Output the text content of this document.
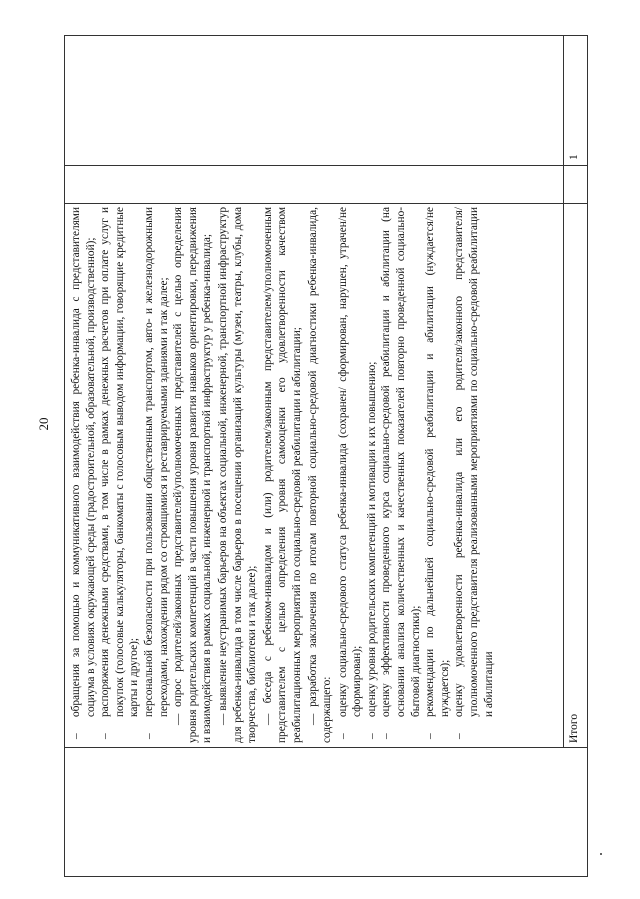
20
–
обращения за помощью и коммуникативного взаимодействия ребенка-инвалида с представителями социума в условиях окружающей среды (градостроительной, образовательной, производственной);
–
распоряжения денежными средствами, в том числе в рамках денежных расчетов при оплате услуг и покупок (голосовые калькуляторы, банкоматы с голосовым выводом информации, говорящие кредитные карты и другое);
–
персональной безопасности при пользовании общественным транспортом, авто- и железнодорожными переходами, нахождении рядом со строящимися и реставрируемыми зданиями и так далее; — опрос родителей/законных представителей/уполномоченных представителей с целью определения уровня родительских компетенций в части повышения уровня развития навыков ориентировки, передвижения и взаимодействия в рамках социальной, инженерной и транспортной инфраструктур у ребенка-инвалида; — выявление неустранимых барьеров на объектах социальной, инженерной, транспортной инфраструктур для ребенка-инвалида в том числе барьеров в посещении организаций культуры (музеи, театры, клубы, дома творчества, библиотеки и так далее); — беседа с ребенком-инвалидом и (или) родителем/законным представителем/уполномоченным представителем с целью определения уровня самооценки его удовлетворенности качеством реабилитационных мероприятий по социально-средовой реабилитации и абилитации; — разработка заключения по итогам повторной социально-средовой диагностики ребенка-инвалида, содержащего: –
оценку социально-средового статуса ребенка-инвалида (сохранен/ сформирован, нарушен, утрачен/не сформирован);
–
оценку уровня родительских компетенций и мотивации к их повышению;
–
оценку эффективности проведенного курса социально-средовой реабилитации и абилитации (на основании анализа количественных и качественных показателей повторно проведенной социально-бытовой диагностики);
–
рекомендации по дальнейшей социально-средовой реабилитации и абилитации (нуждается/не нуждается);
–
оценку удовлетворенности ребенка-инвалида или его родителя/законного представителя/уполномоченного представителя реализованными мероприятиями по социально-средовой реабилитации и абилитации
Итого
1
